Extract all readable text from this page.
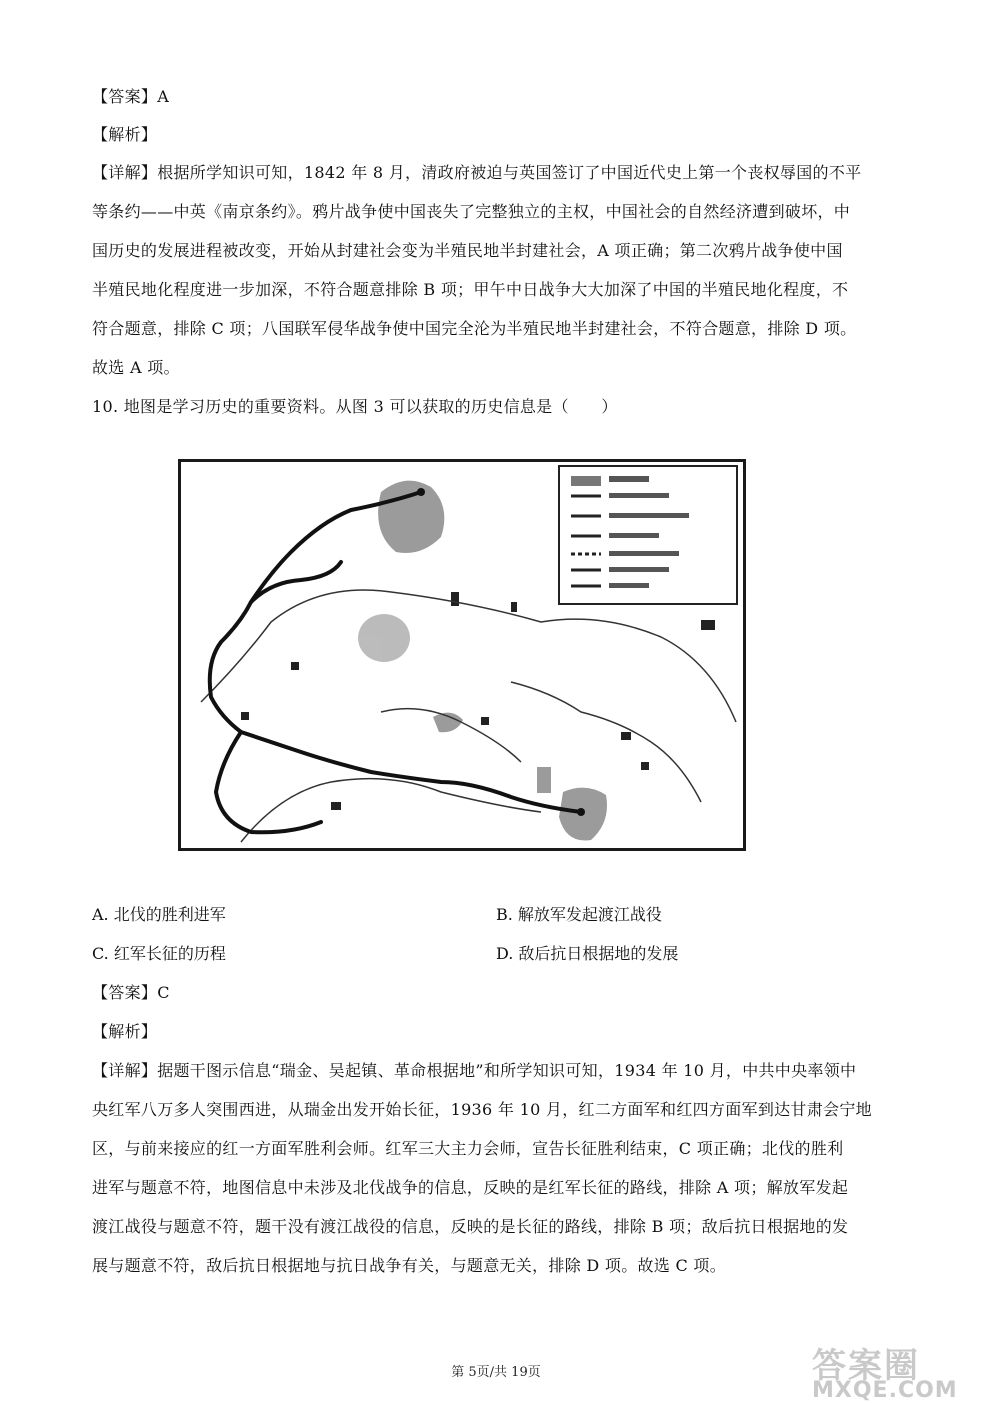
【答案】A
【解析】
【详解】根据所学知识可知，1842 年 8 月，清政府被迫与英国签订了中国近代史上第一个丧权辱国的不平
等条约——中英《南京条约》。鸦片战争使中国丧失了完整独立的主权，中国社会的自然经济遭到破坏，中
国历史的发展进程被改变，开始从封建社会变为半殖民地半封建社会，A 项正确；第二次鸦片战争使中国
半殖民地化程度进一步加深，不符合题意排除 B 项；甲午中日战争大大加深了中国的半殖民地化程度，不
符合题意，排除 C 项；八国联军侵华战争使中国完全沦为半殖民地半封建社会，不符合题意，排除 D 项。
故选 A 项。
10. 地图是学习历史的重要资料。从图 3 可以获取的历史信息是（　　）
A. 北伐的胜利进军	B. 解放军发起渡江战役
C. 红军长征的历程	D. 敌后抗日根据地的发展
【答案】C
【解析】
【详解】据题干图示信息“瑞金、吴起镇、革命根据地”和所学知识可知，1934 年 10 月，中共中央率领中
央红军八万多人突围西进，从瑞金出发开始长征，1936 年 10 月，红二方面军和红四方面军到达甘肃会宁地
区，与前来接应的红一方面军胜利会师。红军三大主力会师，宣告长征胜利结束，C 项正确；北伐的胜利
进军与题意不符，地图信息中未涉及北伐战争的信息，反映的是红军长征的路线，排除 A 项；解放军发起
渡江战役与题意不符，题干没有渡江战役的信息，反映的是长征的路线，排除 B 项；敌后抗日根据地的发
展与题意不符，敌后抗日根据地与抗日战争有关，与题意无关，排除 D 项。故选 C 项。
第 5页/共 19页	答案圈
MXQE.COM
